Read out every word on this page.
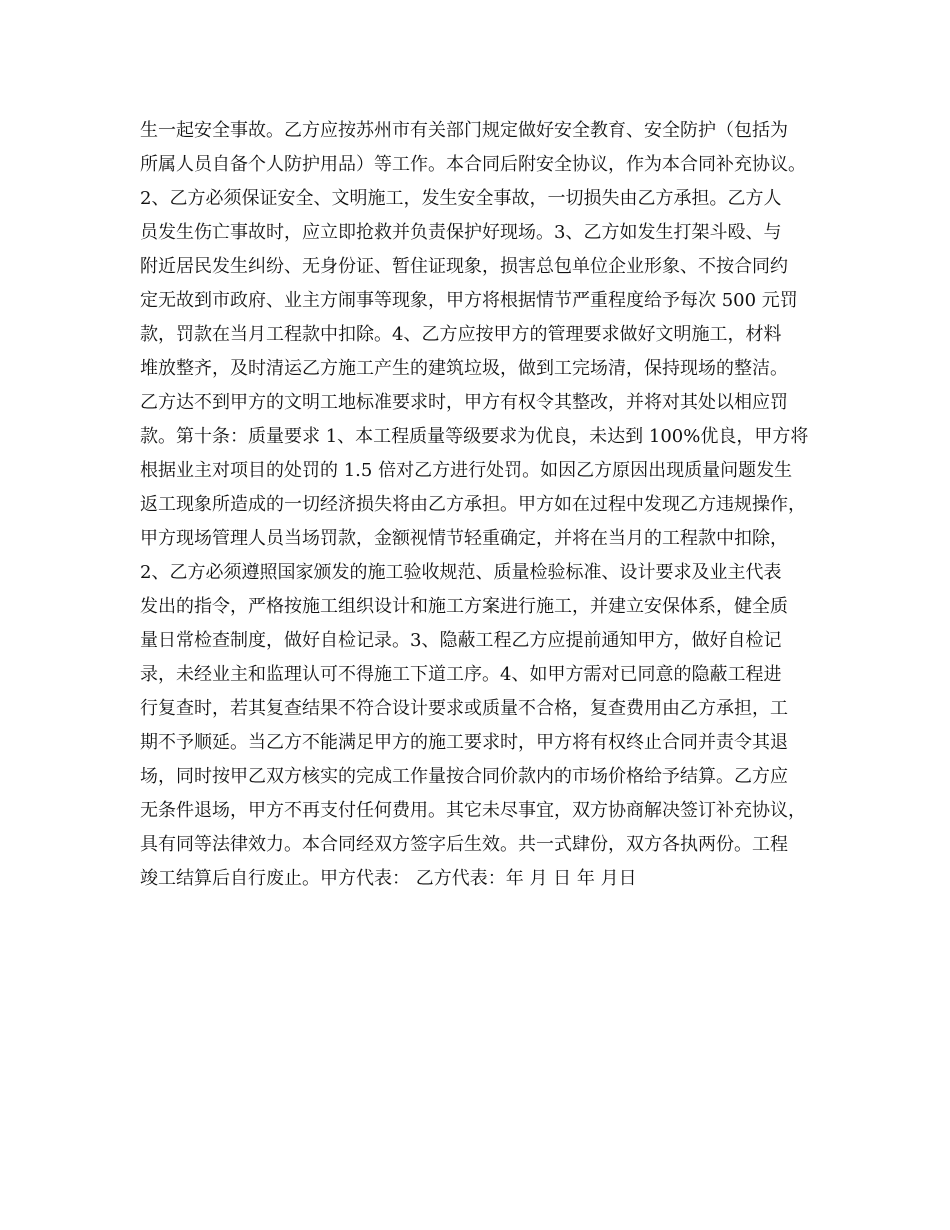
生一起安全事故。乙方应按苏州市有关部门规定做好安全教育、安全防护（包括为
所属人员自备个人防护用品）等工作。本合同后附安全协议，作为本合同补充协议。
2、乙方必须保证安全、文明施工，发生安全事故，一切损失由乙方承担。乙方人
员发生伤亡事故时，应立即抢救并负责保护好现场。3、乙方如发生打架斗殴、与
附近居民发生纠纷、无身份证、暂住证现象，损害总包单位企业形象、不按合同约
定无故到市政府、业主方闹事等现象，甲方将根据情节严重程度给予每次 500 元罚
款，罚款在当月工程款中扣除。4、乙方应按甲方的管理要求做好文明施工，材料
堆放整齐，及时清运乙方施工产生的建筑垃圾，做到工完场清，保持现场的整洁。
乙方达不到甲方的文明工地标准要求时，甲方有权令其整改，并将对其处以相应罚
款。第十条：质量要求 1、本工程质量等级要求为优良，未达到 100%优良，甲方将
根据业主对项目的处罚的 1.5 倍对乙方进行处罚。如因乙方原因出现质量问题发生
返工现象所造成的一切经济损失将由乙方承担。甲方如在过程中发现乙方违规操作，
甲方现场管理人员当场罚款，金额视情节轻重确定，并将在当月的工程款中扣除，
2、乙方必须遵照国家颁发的施工验收规范、质量检验标准、设计要求及业主代表
发出的指令，严格按施工组织设计和施工方案进行施工，并建立安保体系，健全质
量日常检查制度，做好自检记录。3、隐蔽工程乙方应提前通知甲方，做好自检记
录，未经业主和监理认可不得施工下道工序。4、如甲方需对已同意的隐蔽工程进
行复查时，若其复查结果不符合设计要求或质量不合格，复查费用由乙方承担，工
期不予顺延。当乙方不能满足甲方的施工要求时，甲方将有权终止合同并责令其退
场，同时按甲乙双方核实的完成工作量按合同价款内的市场价格给予结算。乙方应
无条件退场，甲方不再支付任何费用。其它未尽事宜，双方协商解决签订补充协议，
具有同等法律效力。本合同经双方签字后生效。共一式肆份，双方各执两份。工程
竣工结算后自行废止。甲方代表： 乙方代表：年 月 日 年 月日
